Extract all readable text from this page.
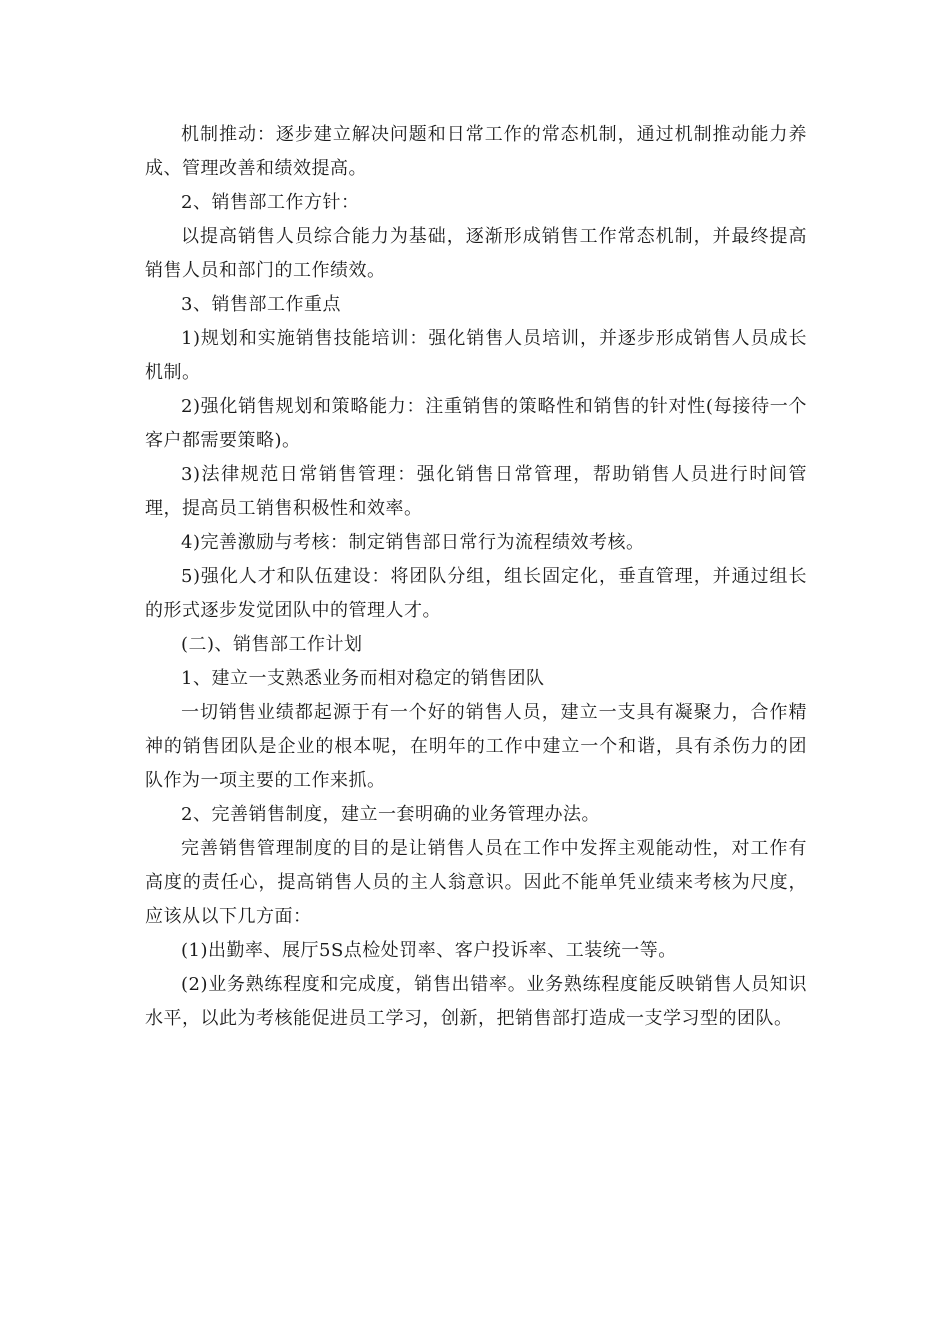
机制推动：逐步建立解决问题和日常工作的常态机制，通过机制推动能力养成、管理改善和绩效提高。

2、销售部工作方针：

以提高销售人员综合能力为基础，逐渐形成销售工作常态机制，并最终提高销售人员和部门的工作绩效。

3、销售部工作重点

1)规划和实施销售技能培训：强化销售人员培训，并逐步形成销售人员成长机制。

2)强化销售规划和策略能力：注重销售的策略性和销售的针对性(每接待一个客户都需要策略)。

3)法律规范日常销售管理：强化销售日常管理，帮助销售人员进行时间管理，提高员工销售积极性和效率。

4)完善激励与考核：制定销售部日常行为流程绩效考核。

5)强化人才和队伍建设：将团队分组，组长固定化，垂直管理，并通过组长的形式逐步发觉团队中的管理人才。

(二)、销售部工作计划

1、建立一支熟悉业务而相对稳定的销售团队

一切销售业绩都起源于有一个好的销售人员，建立一支具有凝聚力，合作精神的销售团队是企业的根本呢，在明年的工作中建立一个和谐，具有杀伤力的团队作为一项主要的工作来抓。

2、完善销售制度，建立一套明确的业务管理办法。

完善销售管理制度的目的是让销售人员在工作中发挥主观能动性，对工作有高度的责任心，提高销售人员的主人翁意识。因此不能单凭业绩来考核为尺度，应该从以下几方面：

(1)出勤率、展厅5S点检处罚率、客户投诉率、工装统一等。

(2)业务熟练程度和完成度，销售出错率。业务熟练程度能反映销售人员知识水平，以此为考核能促进员工学习，创新，把销售部打造成一支学习型的团队。
